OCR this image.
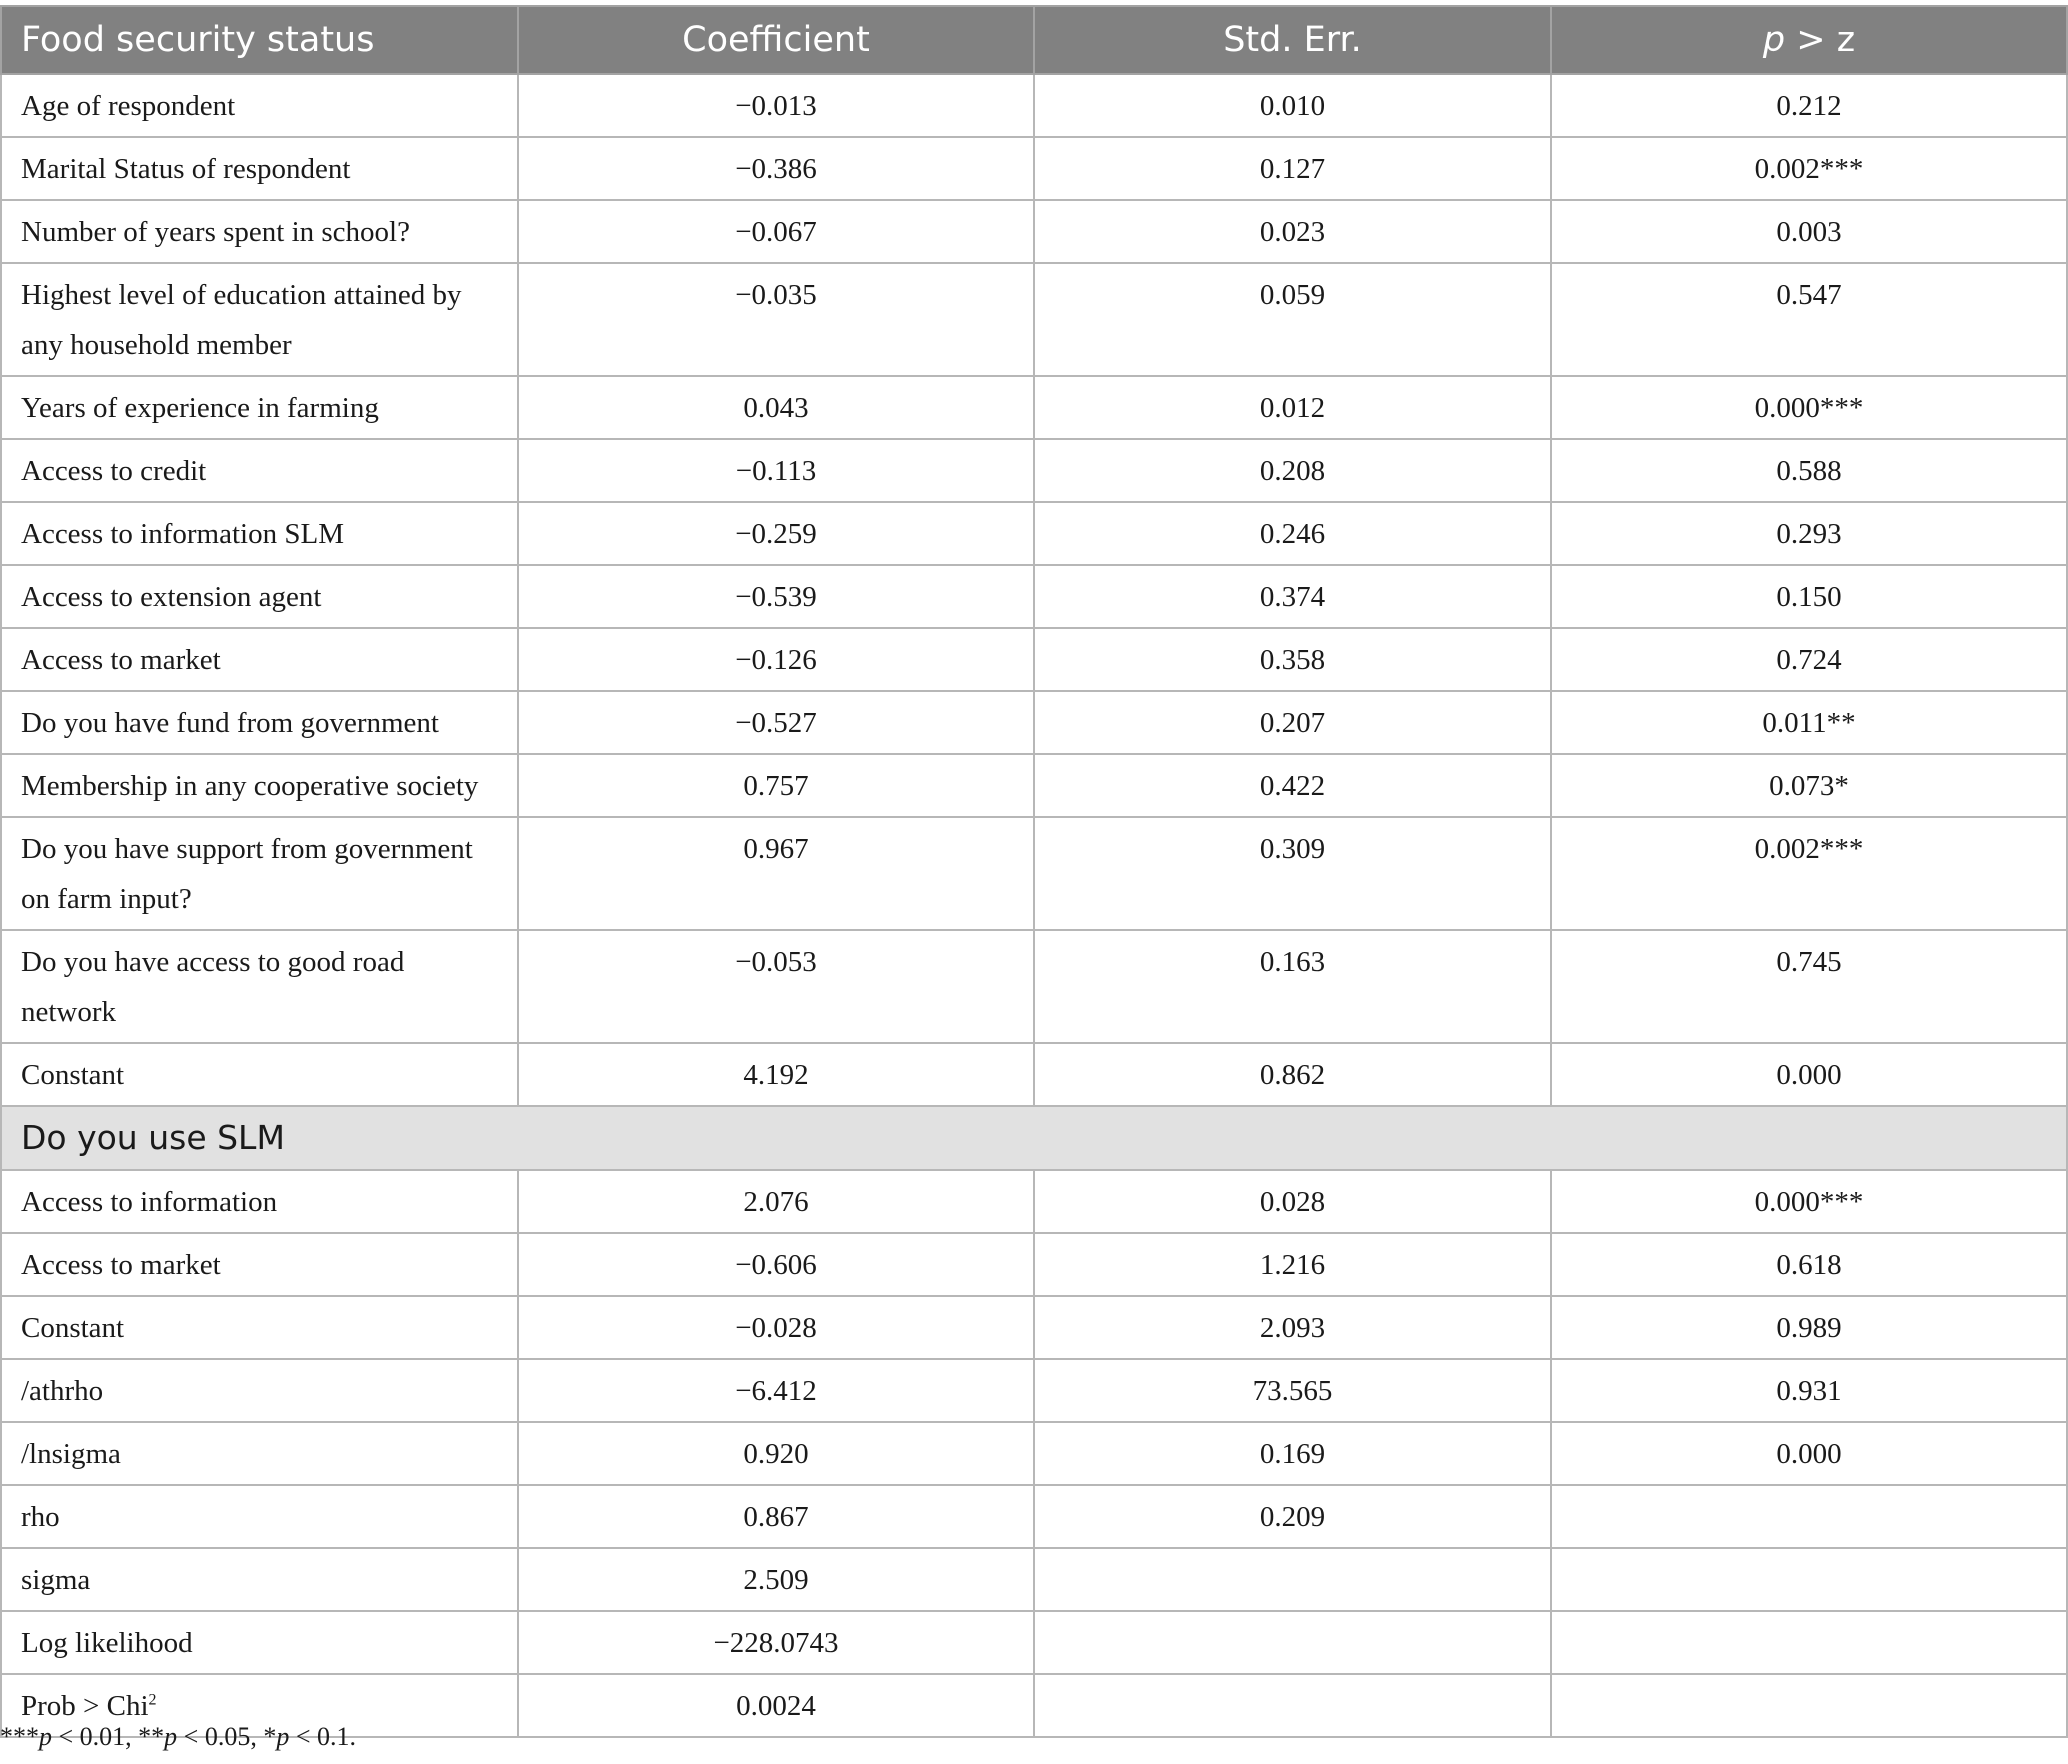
Food security status	Coefficient	Std. Err.	p > z
Age of respondent	−0.013	0.010	0.212
Marital Status of respondent	−0.386	0.127	0.002***
Number of years spent in school?	−0.067	0.023	0.003
Highest level of education attained by any household member	−0.035	0.059	0.547
Years of experience in farming	0.043	0.012	0.000***
Access to credit	−0.113	0.208	0.588
Access to information SLM	−0.259	0.246	0.293
Access to extension agent	−0.539	0.374	0.150
Access to market	−0.126	0.358	0.724
Do you have fund from government	−0.527	0.207	0.011**
Membership in any cooperative society	0.757	0.422	0.073*
Do you have support from government on farm input?	0.967	0.309	0.002***
Do you have access to good road network	−0.053	0.163	0.745
Constant	4.192	0.862	0.000
Do you use SLM			
Access to information	2.076	0.028	0.000***
Access to market	−0.606	1.216	0.618
Constant	−0.028	2.093	0.989
/athrho	−6.412	73.565	0.931
/lnsigma	0.920	0.169	0.000
rho	0.867	0.209	
sigma	2.509		
Log likelihood	−228.0743		
Prob > Chi$^2$	0.0024		
***p < 0.01, **p < 0.05, *p < 0.1.
